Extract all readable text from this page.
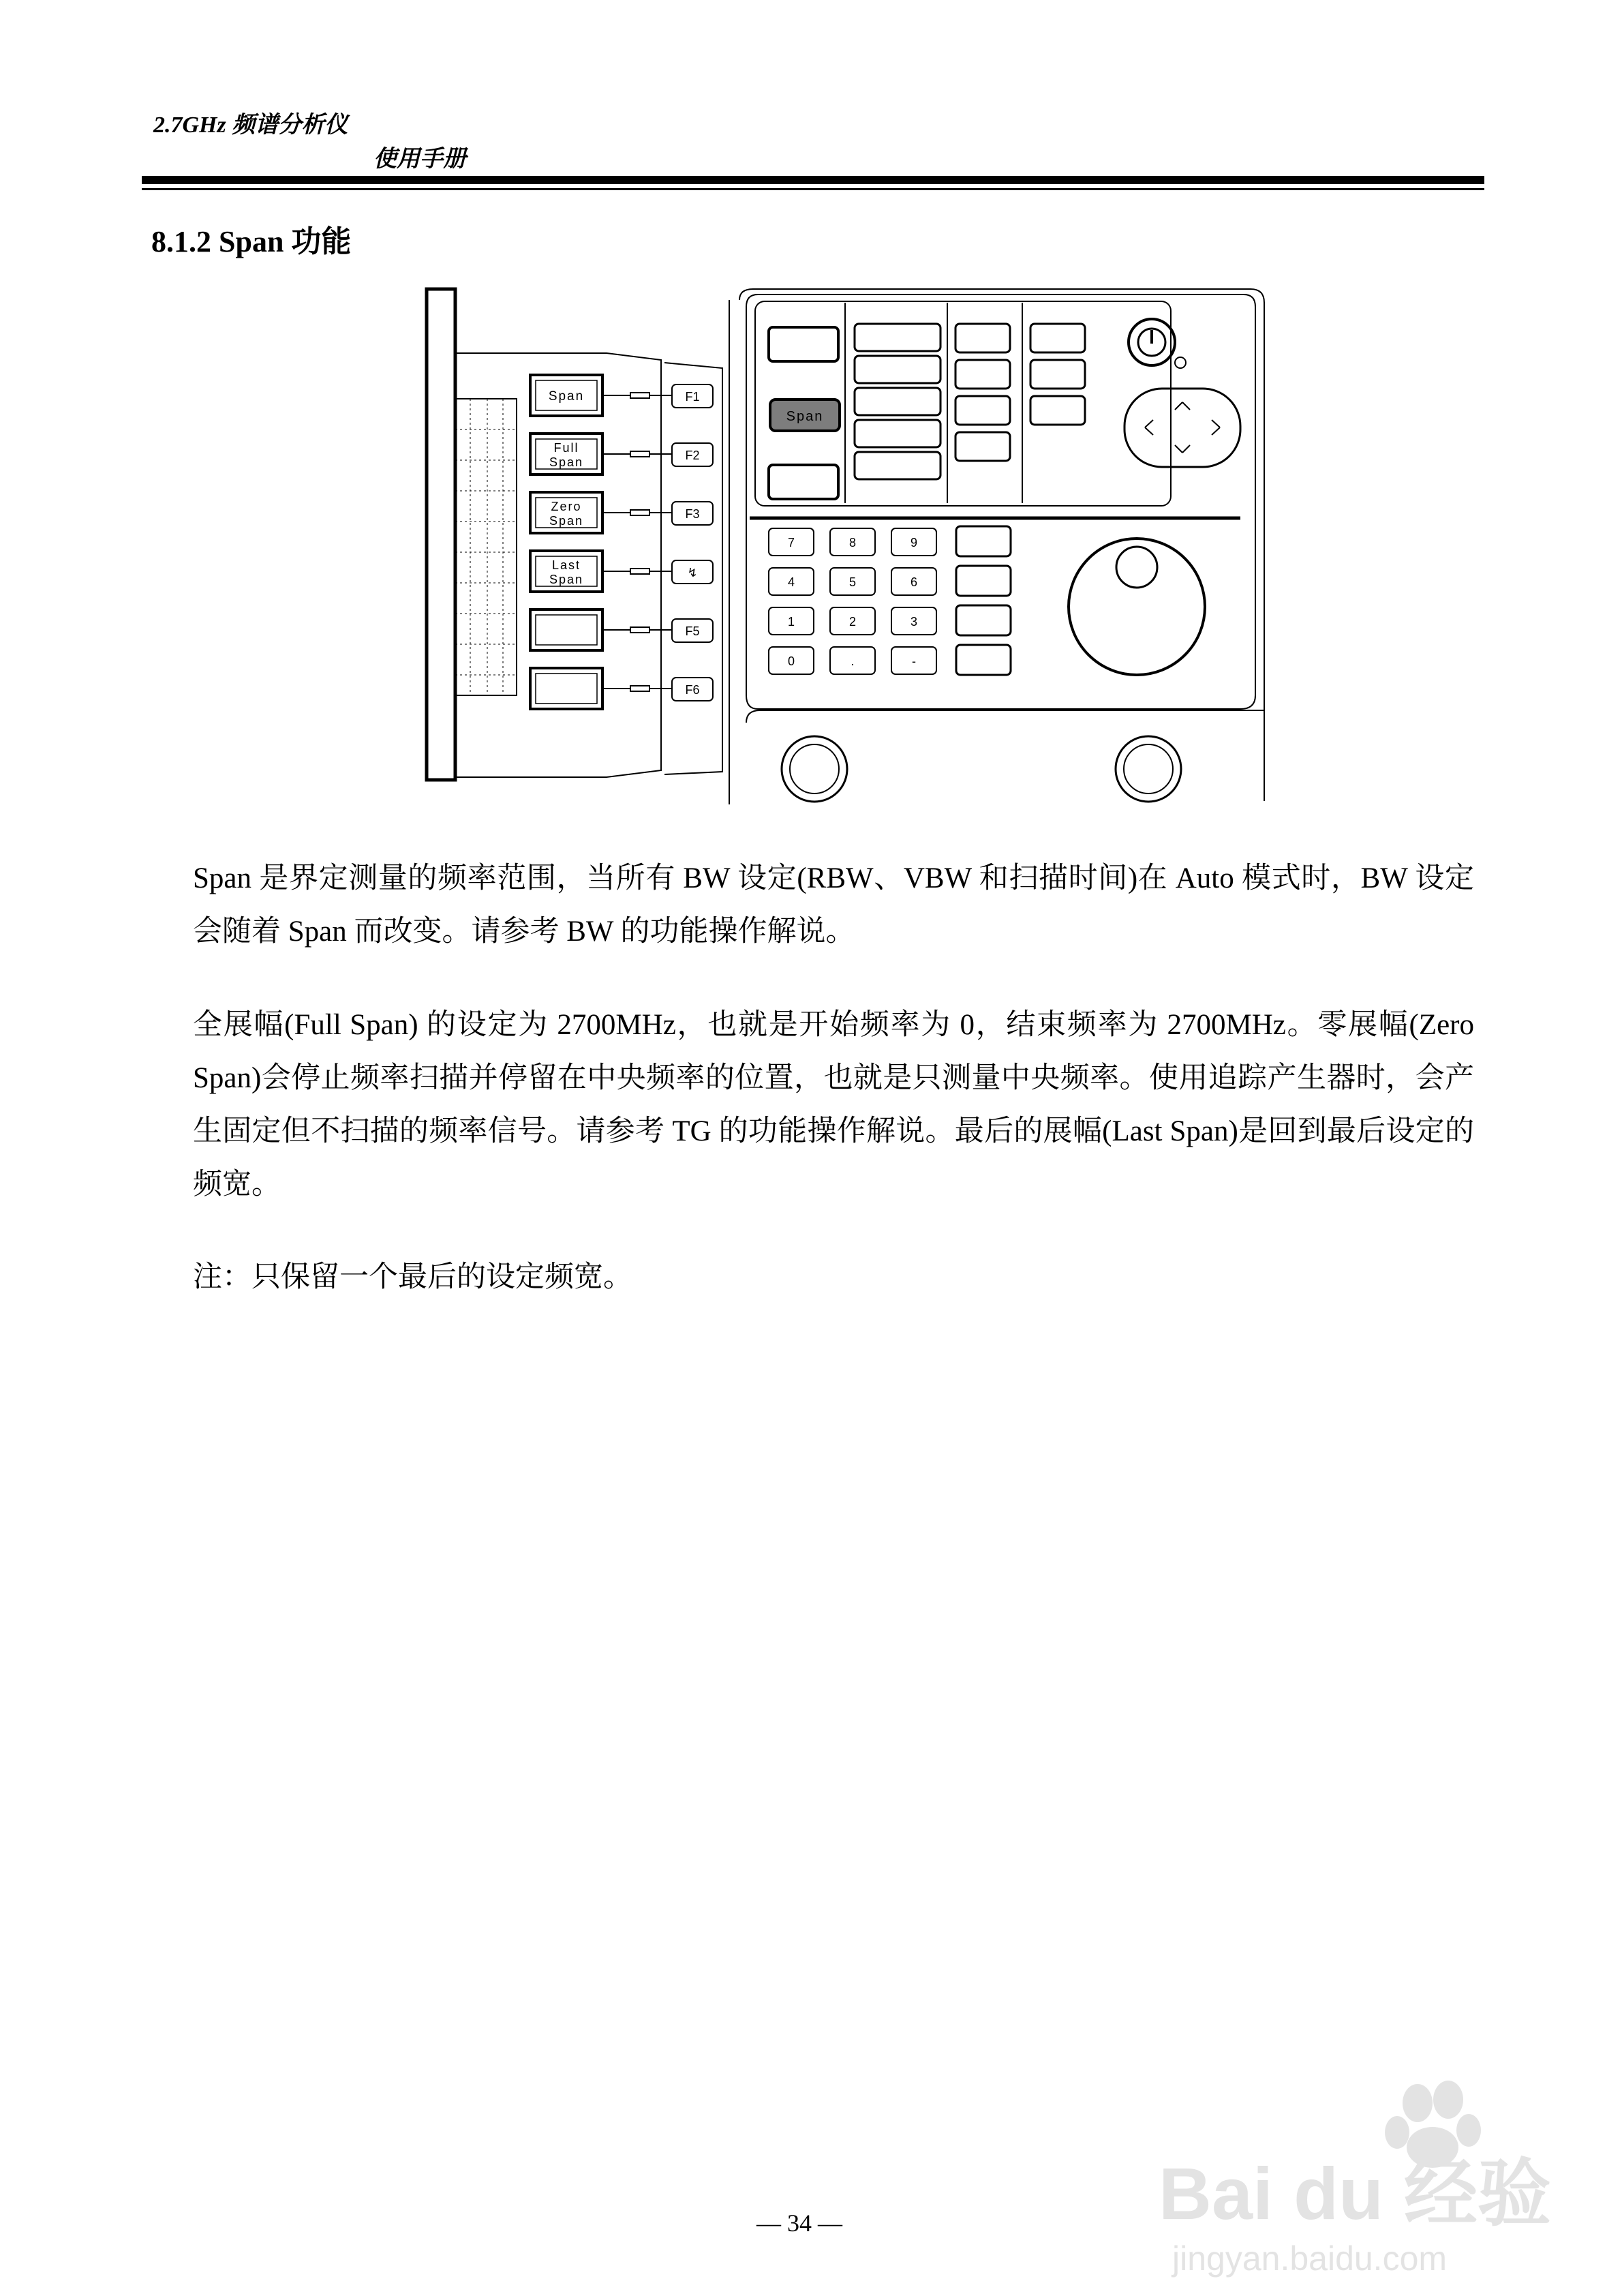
2.7GHz 频谱分析仪
使用手册
8.1.2 Span 功能
Span
Span	F1
Full
Span	F2
Zero
Span	F3
Last
Span	↯
F5
F6
7	8	9
4	5	6
1	2	3
0	.	-
Span 是界定测量的频率范围，当所有 BW 设定(RBW、VBW 和扫描时间)在 Auto 模式时，BW 设定会随着 Span 而改变。请参考 BW 的功能操作解说。
全展幅(Full Span) 的设定为 2700MHz，也就是开始频率为 0，结束频率为 2700MHz。零展幅(Zero Span)会停止频率扫描并停留在中央频率的位置，也就是只测量中央频率。使用追踪产生器时，会产生固定但不扫描的频率信号。请参考 TG 的功能操作解说。最后的展幅(Last Span)是回到最后设定的频宽。
注：只保留一个最后的设定频宽。
— 34 —	Bai du 经验
jingyan.baidu.com
